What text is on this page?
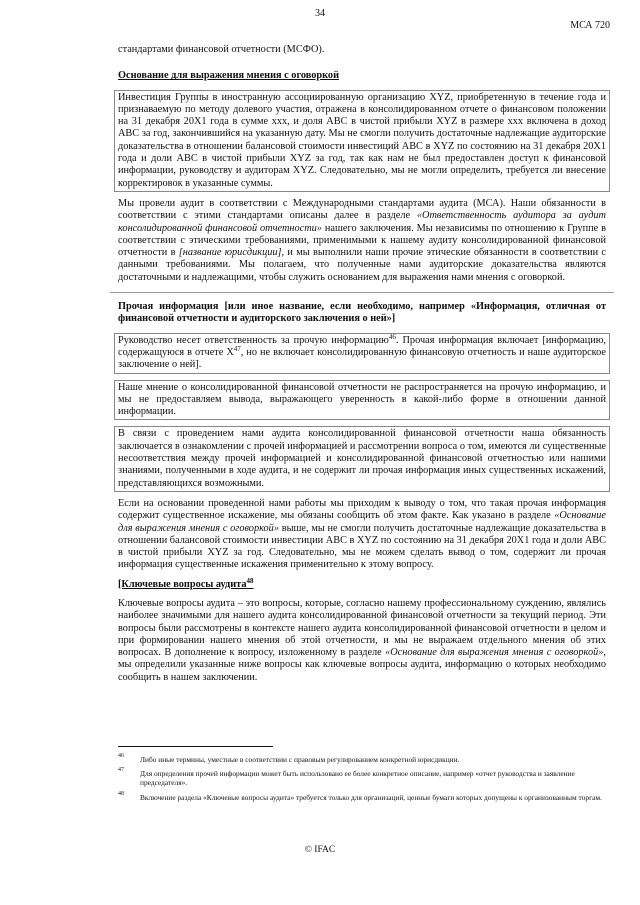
34
МСА 720

стандартами финансовой отчетности (МСФО).

Основание для выражения мнения с оговоркой

Инвестиция Группы в иностранную ассоциированную организацию XYZ, приобретенную в течение года и признаваемую по методу долевого участия, отражена в консолидированном отчете о финансовом положении на 31 декабря 20X1 года в сумме xxx, и доля ABC в чистой прибыли XYZ в размере xxx включена в доход ABC за год, закончившийся на указанную дату. Мы не смогли получить достаточные надлежащие аудиторские доказательства в отношении балансовой стоимости инвестиций ABC в XYZ по состоянию на 31 декабря 20X1 года и доли ABC в чистой прибыли XYZ за год, так как нам не был предоставлен доступ к финансовой информации, руководству и аудиторам XYZ. Следовательно, мы не могли определить, требуется ли внесение корректировок в указанные суммы.

Мы провели аудит в соответствии с Международными стандартами аудита (МСА). Наши обязанности в соответствии с этими стандартами описаны далее в разделе «Ответственность аудитора за аудит консолидированной финансовой отчетности» нашего заключения. Мы независимы по отношению к Группе в соответствии с этическими требованиями, применимыми к нашему аудиту консолидированной финансовой отчетности в [название юрисдикции], и мы выполнили наши прочие этические обязанности в соответствии с данными требованиями. Мы полагаем, что полученные нами аудиторские доказательства являются достаточными и надлежащими, чтобы служить основанием для выражения нами мнения с оговоркой.

Прочая информация [или иное название, если необходимо, например «Информация, отличная от финансовой отчетности и аудиторского заключения о ней»]

Руководство несет ответственность за прочую информацию$^{46}$. Прочая информация включает [информацию, содержащуюся в отчете $X^{47}$, но не включает консолидированную финансовую отчетность и наше аудиторское заключение о ней].

Наше мнение о консолидированной финансовой отчетности не распространяется на прочую информацию, и мы не предоставляем вывода, выражающего уверенность в какой-либо форме в отношении данной информации.

В связи с проведением нами аудита консолидированной финансовой отчетности наша обязанность заключается в ознакомлении с прочей информацией и рассмотрении вопроса о том, имеются ли существенные несоответствия между прочей информацией и консолидированной финансовой отчетностью или нашими знаниями, полученными в ходе аудита, и не содержит ли прочая информация иных существенных искажений, представляющихся возможными.

Если на основании проведенной нами работы мы приходим к выводу о том, что такая прочая информация содержит существенное искажение, мы обязаны сообщить об этом факте. Как указано в разделе «Основание для выражения мнения с оговоркой» выше, мы не смогли получить достаточные надлежащие доказательства в отношении балансовой стоимости инвестиции ABC в XYZ по состоянию на 31 декабря 20X1 года и доли ABC в чистой прибыли XYZ за год. Следовательно, мы не можем сделать вывод о том, содержит ли прочая информация существенные искажения применительно к этому вопросу.

[Ключевые вопросы аудита$^{48}$

Ключевые вопросы аудита – это вопросы, которые, согласно нашему профессиональному суждению, являлись наиболее значимыми для нашего аудита консолидированной финансовой отчетности за текущий период. Эти вопросы были рассмотрены в контексте нашего аудита консолидированной финансовой отчетности в целом и при формировании нашего мнения об этой отчетности, и мы не выражаем отдельного мнения об этих вопросах. В дополнение к вопросу, изложенному в разделе «Основание для выражения мнения с оговоркой», мы определили указанные ниже вопросы как ключевые вопросы аудита, информацию о которых необходимо сообщить в нашем заключении.

46	Либо иные термины, уместные в соответствии с правовым регулированием конкретной юрисдикции.
47	Для определения прочей информации может быть использовано ее более конкретное описание, например «отчет руководства и заявление председателя».
48	Включение раздела «Ключевые вопросы аудита» требуется только для организаций, ценные бумаги которых допущены к организованным торгам.
© IFAC
